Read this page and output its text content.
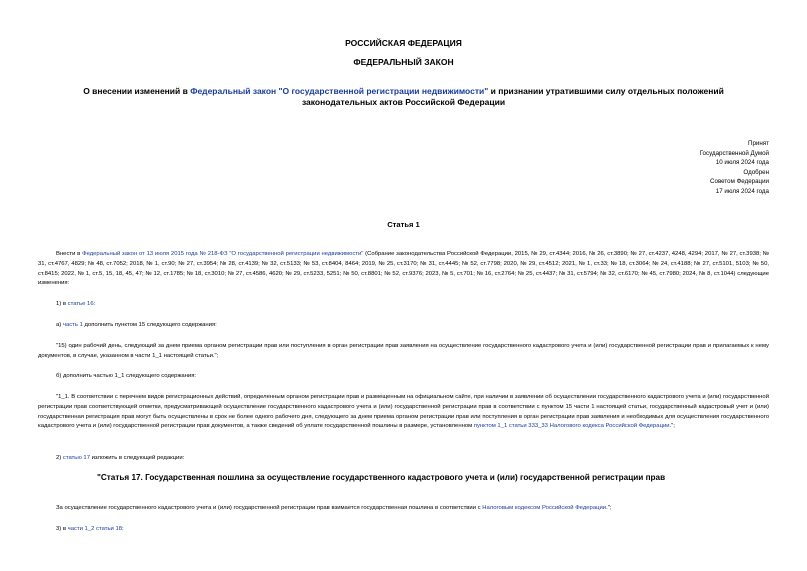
РОССИЙСКАЯ ФЕДЕРАЦИЯ
ФЕДЕРАЛЬНЫЙ ЗАКОН
О внесении изменений в Федеральный закон "О государственной регистрации недвижимости" и признании утратившими силу отдельных положений законодательных актов Российской Федерации
Принят
Государственной Думой
10 июля 2024 года
Одобрен
Советом Федерации
17 июля 2024 года
Статья 1
Внести в Федеральный закон от 13 июля 2015 года № 218-ФЗ "О государственной регистрации недвижимости" (Собрание законодательства Российской Федерации, 2015, № 29, ст.4344; 2016, № 26, ст.3890; № 27, ст.4237, 4248, 4294; 2017, № 27, ст.3938; № 31, ст.4767, 4829; № 48, ст.7052; 2018, № 1, ст.90; № 27, ст.3954; № 28, ст.4139; № 32, ст.5133; № 53, ст.8404, 8464; 2019, № 25, ст.3170; № 31, ст.4445; № 52, ст.7798; 2020, № 29, ст.4512; 2021, № 1, ст.33; № 18, ст.3064; № 24, ст.4188; № 27, ст.5101, 5103; № 50, ст.8415; 2022, № 1, ст.5, 15, 18, 45, 47; № 12, ст.1785; № 18, ст.3010; № 27, ст.4586, 4620; № 29, ст.5233, 5251; № 50, ст.8801; № 52, ст.9376; 2023, № 5, ст.701; № 16, ст.2764; № 25, ст.4437; № 31, ст.5794; № 32, ст.6170; № 45, ст.7980; 2024, № 8, ст.1044) следующие изменения:
1) в статье 16:
а) часть 1 дополнить пунктом 15 следующего содержания:
"15) один рабочий день, следующий за днем приема органом регистрации прав или поступления в орган регистрации прав заявления на осуществление государственного кадастрового учета и (или) государственной регистрации прав и прилагаемых к нему документов, в случае, указанном в части 1_1 настоящей статьи.";
б) дополнить частью 1_1 следующего содержания:
"1_1. В соответствии с перечнем видов регистрационных действий, определенным органом регистрации прав и размещенным на официальном сайте, при наличии в заявлении об осуществлении государственного кадастрового учета и (или) государственной регистрации прав соответствующей отметки, предусматривающей осуществление государственного кадастрового учета и (или) государственной регистрации прав в соответствии с пунктом 15 части 1 настоящей статьи, государственный кадастровый учет и (или) государственная регистрация прав могут быть осуществлены в срок не более одного рабочего дня, следующего за днем приема органом регистрации прав или поступления в орган регистрации прав заявления и необходимых для осуществления государственного кадастрового учета и (или) государственной регистрации прав документов, а также сведений об уплате государственной пошлины в размере, установленном пунктом 1_1 статьи 333_33 Налогового кодекса Российской Федерации.";
2) статью 17 изложить в следующей редакции:
"Статья 17. Государственная пошлина за осуществление государственного кадастрового учета и (или) государственной регистрации прав
За осуществление государственного кадастрового учета и (или) государственной регистрации прав взимается государственная пошлина в соответствии с Налоговым кодексом Российской Федерации.";
3) в части 1_2 статьи 18:
